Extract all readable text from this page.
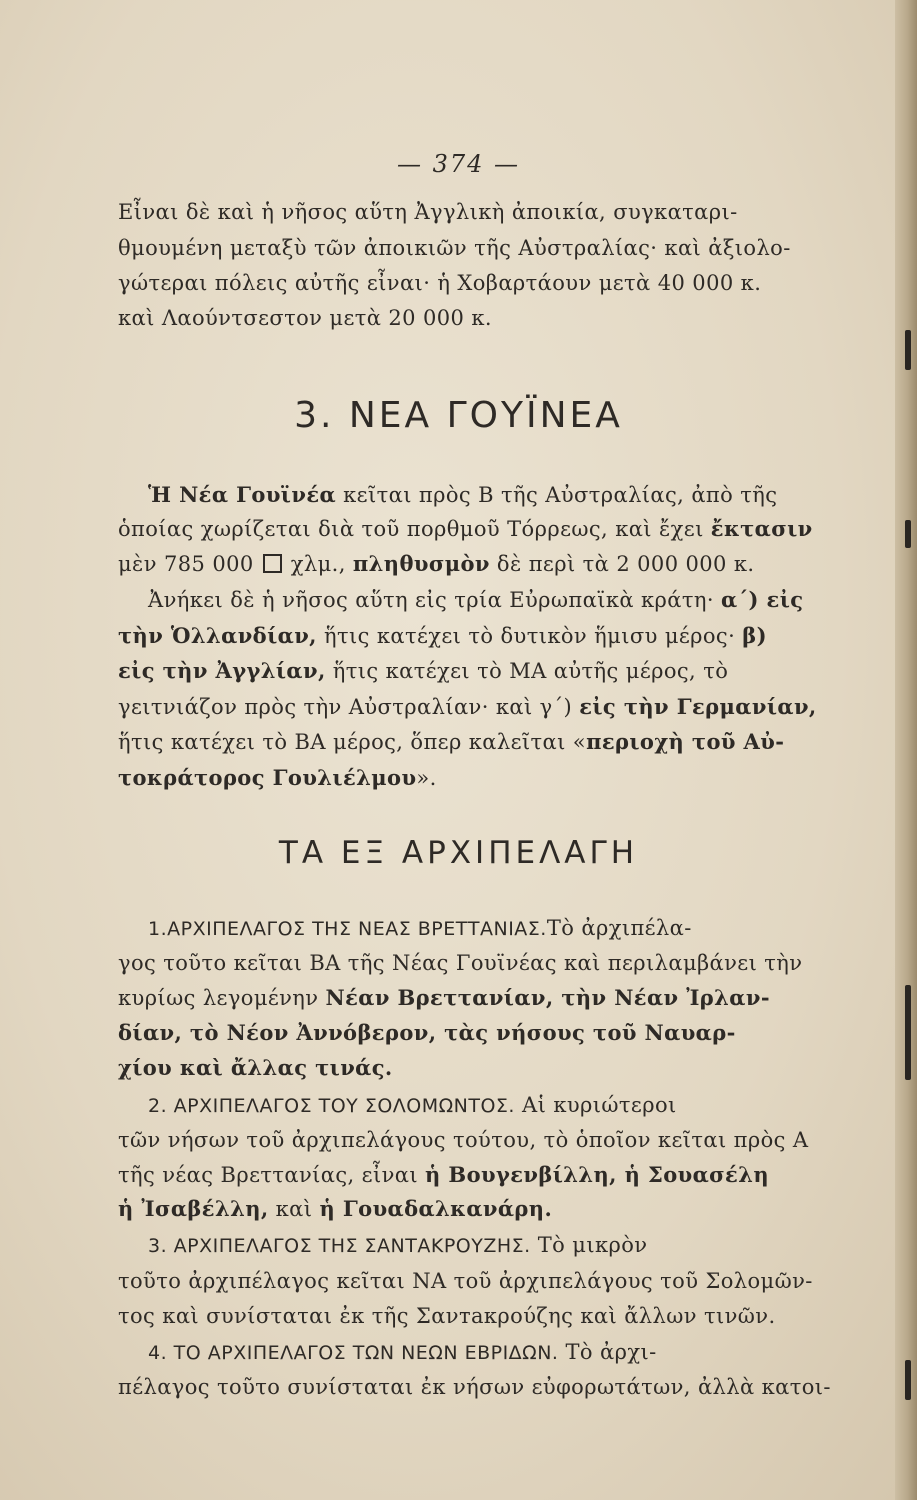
— 374 —
Εἶναι δὲ καὶ ἡ νῆσος αὕτη Ἀγγλικὴ ἀποικία, συγκαταρι-
θμουμένη μεταξὺ τῶν ἀποικιῶν τῆς Αὐστραλίας· καὶ ἀξιολο-
γώτεραι πόλεις αὐτῆς εἶναι· ἡ Χοβαρτάουν μετὰ 40 000 κ.
καὶ Λαούντσεστον μετὰ 20 000 κ.
3. ΝΕΑ ΓΟΥΪΝΕΑ
Ἡ Νέα Γουϊνέα κεῖται πρὸς Β τῆς Αὐστραλίας, ἀπὸ τῆς
ὁποίας χωρίζεται διὰ τοῦ πορθμοῦ Τόρρεως, καὶ ἔχει ἔκτασιν
μὲν 785 000  χλμ., πληθυσμὸν δὲ περὶ τὰ 2 000 000 κ.
Ἀνήκει δὲ ἡ νῆσος αὕτη εἰς τρία Εὐρωπαϊκὰ κράτη· α΄) εἰς
τὴν Ὁλλανδίαν, ἥτις κατέχει τὸ δυτικὸν ἥμισυ μέρος· β)
εἰς τὴν Ἀγγλίαν, ἥτις κατέχει τὸ ΜΑ αὐτῆς μέρος, τὸ
γειτνιάζον πρὸς τὴν Αὐστραλίαν· καὶ γ΄) εἰς τὴν Γερμανίαν,
ἥτις κατέχει τὸ ΒΑ μέρος, ὅπερ καλεῖται «περιοχὴ τοῦ Αὐ-
τοκράτορος Γουλιέλμου».
ΤΑ ΕΞ ΑΡΧΙΠΕΛΑΓΗ
1.ΑΡΧΙΠΕΛΑΓΟΣ ΤΗΣ ΝΕΑΣ ΒΡΕΤΤΑΝΙΑΣ.Τὸ ἀρχιπέλα-
γος τοῦτο κεῖται ΒΑ τῆς Νέας Γουϊνέας καὶ περιλαμβάνει τὴν
κυρίως λεγομένην Νέαν Βρεττανίαν, τὴν Νέαν Ἰρλαν-
δίαν, τὸ Νέον Ἀννόβερον, τὰς νήσους τοῦ Ναυαρ-
χίου καὶ ἄλλας τινάς.
2. ΑΡΧΙΠΕΛΑΓΟΣ ΤΟΥ ΣΟΛΟΜΩΝΤΟΣ. Αἱ κυριώτεροι
τῶν νήσων τοῦ ἀρχιπελάγους τούτου, τὸ ὁποῖον κεῖται πρὸς Α
τῆς νέας Βρεττανίας, εἶναι ἡ Βουγενβίλλη, ἡ Σουασέλη
ἡ Ἰσαβέλλη, καὶ ἡ Γουαδαλκανάρη.
3. ΑΡΧΙΠΕΛΑΓΟΣ ΤΗΣ ΣΑΝΤΑΚΡΟΥΖΗΣ. Τὸ μικρὸν
τοῦτο ἀρχιπέλαγος κεῖται ΝΑ τοῦ ἀρχιπελάγους τοῦ Σολομῶν-
τος καὶ συνίσταται ἐκ τῆς Σανтакρούζης καὶ ἄλλων τινῶν.
4. ΤΟ ΑΡΧΙΠΕΛΑΓΟΣ ΤΩΝ ΝΕΩΝ ΕΒΡΙΔΩΝ. Τὸ ἀρχι-
πέλαγος τοῦτο συνίσταται ἐκ νήσων εὐφορωτάτων, ἀλλὰ κατοι-
